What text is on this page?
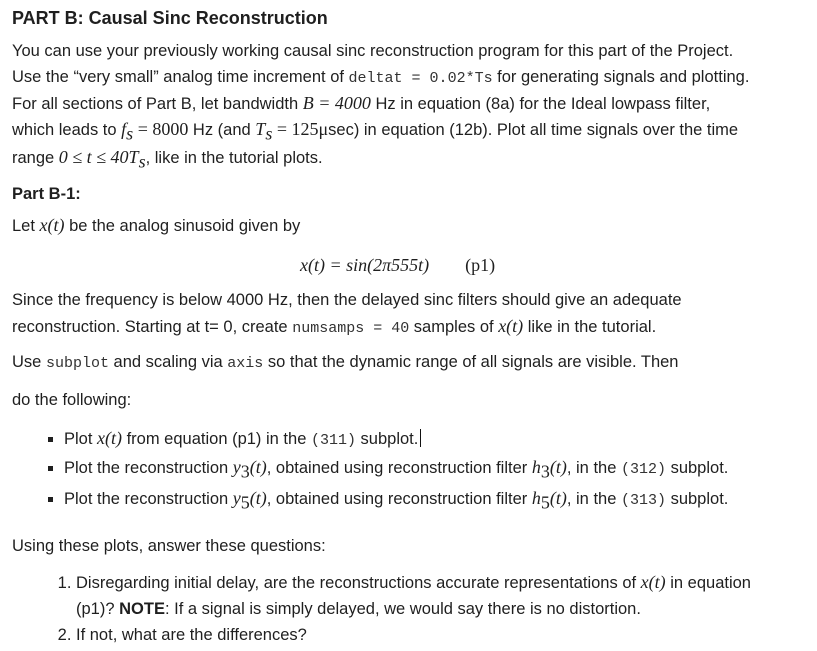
PART B: Causal Sinc Reconstruction
You can use your previously working causal sinc reconstruction program for this part of the Project.
Use the “very small” analog time increment of deltat = 0.02*Ts for generating signals and plotting.
For all sections of Part B, let bandwidth B = 4000 Hz in equation (8a) for the Ideal lowpass filter,
which leads to $f_s = 8000$ Hz (and $T_s = 125\mu\sec$) in equation (12b). Plot all time signals over the time
range $0 \le t \le 40T_s$, like in the tutorial plots.
Part B-1:
Let x(t) be the analog sinusoid given by
x(t) = sin(2π555t) (p1)
Since the frequency is below 4000 Hz, then the delayed sinc filters should give an adequate
reconstruction. Starting at t= 0, create numsamps = 40 samples of x(t) like in the tutorial.
Use subplot and scaling via axis so that the dynamic range of all signals are visible. Then
do the following:
▪ Plot x(t) from equation (p1) in the (311) subplot.
▪ Plot the reconstruction $y_3(t)$, obtained using reconstruction filter $h_3(t)$, in the (312) subplot.
▪ Plot the reconstruction $y_5(t)$, obtained using reconstruction filter $h_5(t)$, in the (313) subplot.
Using these plots, answer these questions:
1. Disregarding initial delay, are the reconstructions accurate representations of x(t) in equation
(p1)? NOTE: If a signal is simply delayed, we would say there is no distortion.
2. If not, what are the differences?
